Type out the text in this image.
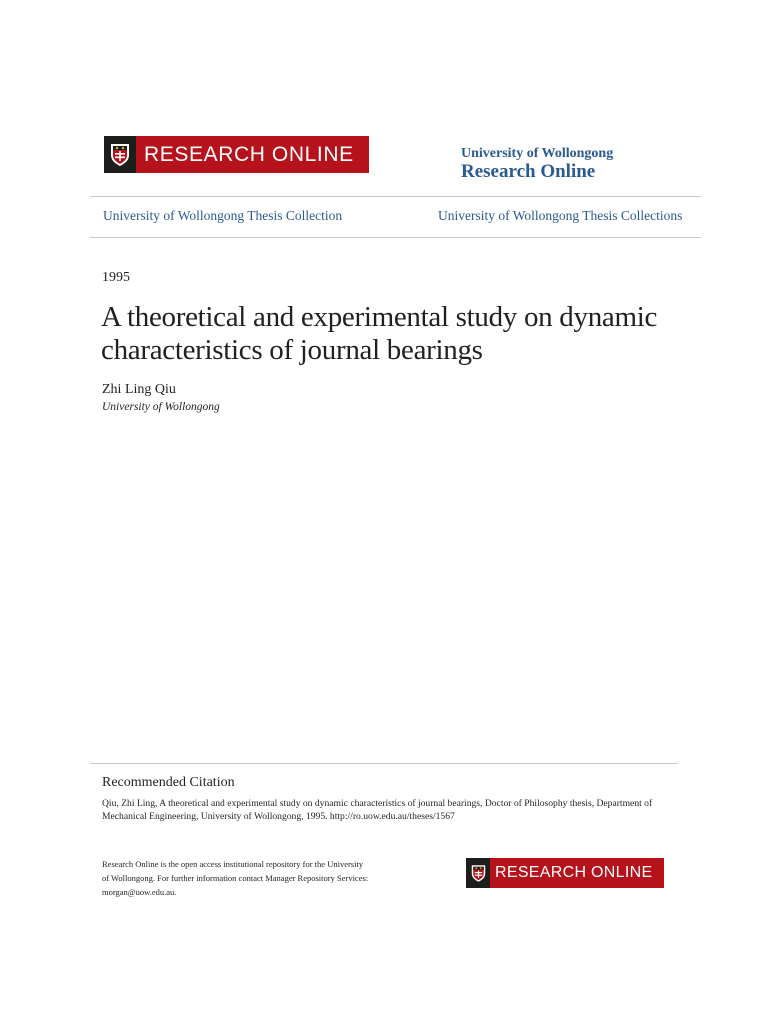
RESEARCH ONLINE	University of Wollongong
Research Online
University of Wollongong Thesis Collection	University of Wollongong Thesis Collections
1995
A theoretical and experimental study on dynamic characteristics of journal bearings
Zhi Ling Qiu
University of Wollongong
Recommended Citation
Qiu, Zhi Ling, A theoretical and experimental study on dynamic characteristics of journal bearings, Doctor of Philosophy thesis, Department of Mechanical Engineering, University of Wollongong, 1995. http://ro.uow.edu.au/theses/1567
Research Online is the open access institutional repository for the University of Wollongong. For further information contact Manager Repository Services: morgan@uow.edu.au.
RESEARCH ONLINE
